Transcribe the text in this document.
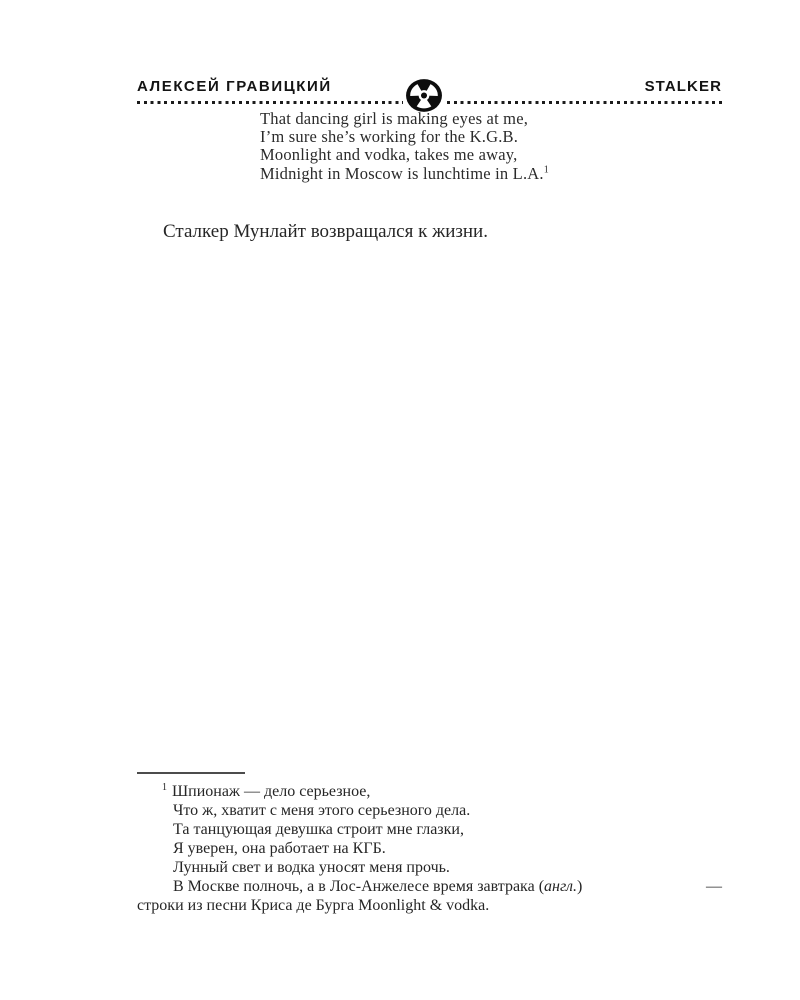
АЛЕКСЕЙ ГРАВИЦКИЙ	STALKER
That dancing girl is making eyes at me,
I’m sure she’s working for the K.G.B.
Moonlight and vodka, takes me away,
Midnight in Moscow is lunchtime in L.A.$^1$

Сталкер Мунлайт возвращался к жизни.

$^1$ Шпионаж — дело серьезное,
Что ж, хватит с меня этого серьезного дела.
Та танцующая девушка строит мне глазки,
Я уверен, она работает на КГБ.
Лунный свет и водка уносят меня прочь.
В Москве полночь, а в Лос-Анжелесе время завтрака (англ.)	—
строки из песни Криса де Бурга Moonlight & vodka.
